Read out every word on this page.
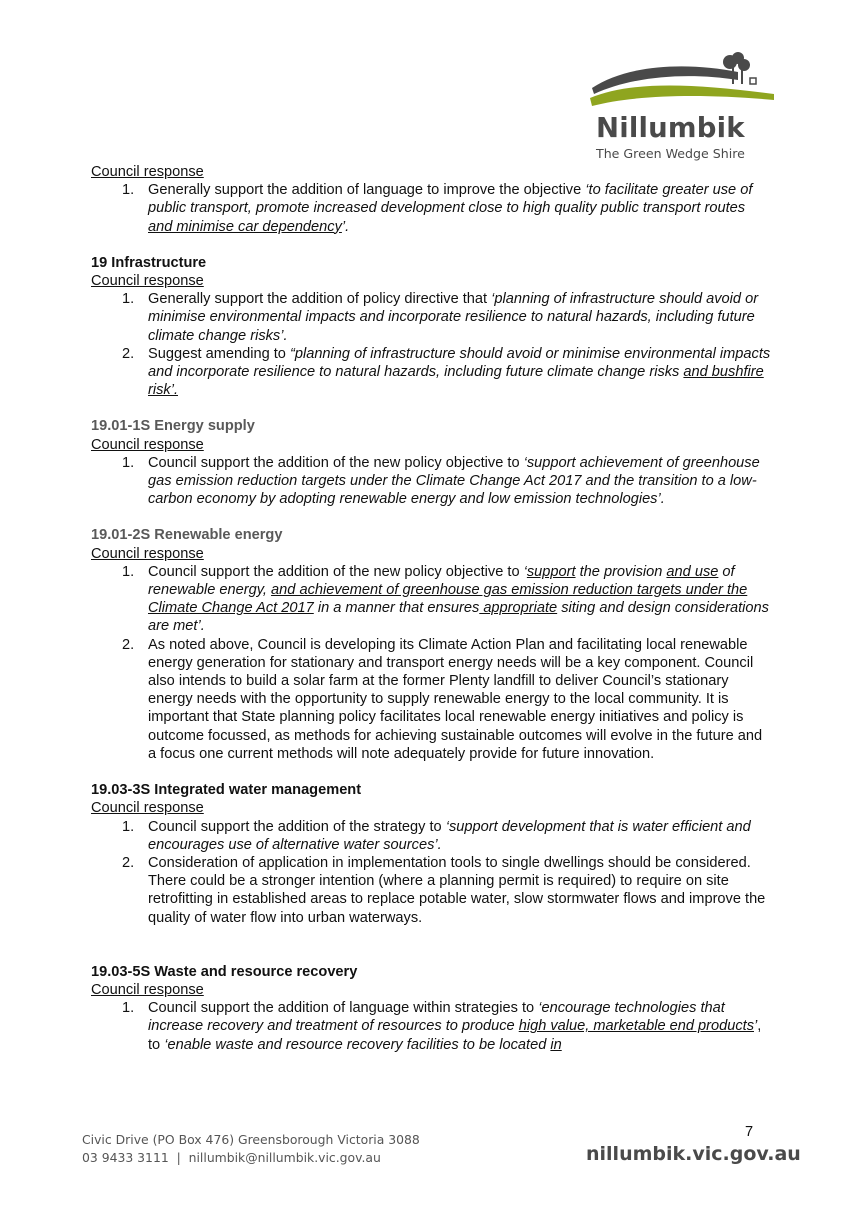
Nillumbik
The Green Wedge Shire
Council response
1. Generally support the addition of language to improve the objective ‘to facilitate greater use of public transport, promote increased development close to high quality public transport routes and minimise car dependency’.
19 Infrastructure
Council response
1. Generally support the addition of policy directive that ‘planning of infrastructure should avoid or minimise environmental impacts and incorporate resilience to natural hazards, including future climate change risks’.
2. Suggest amending to “planning of infrastructure should avoid or minimise environmental impacts and incorporate resilience to natural hazards, including future climate change risks and bushfire risk’.
19.01-1S Energy supply
Council response
1. Council support the addition of the new policy objective to ‘support achievement of greenhouse gas emission reduction targets under the Climate Change Act 2017 and the transition to a low-carbon economy by adopting renewable energy and low emission technologies’.
19.01-2S Renewable energy
Council response
1. Council support the addition of the new policy objective to ‘support the provision and use of renewable energy, and achievement of greenhouse gas emission reduction targets under the Climate Change Act 2017 in a manner that ensures appropriate siting and design considerations are met’.
2. As noted above, Council is developing its Climate Action Plan and facilitating local renewable energy generation for stationary and transport energy needs will be a key component. Council also intends to build a solar farm at the former Plenty landfill to deliver Council’s stationary energy needs with the opportunity to supply renewable energy to the local community. It is important that State planning policy facilitates local renewable energy initiatives and policy is outcome focussed, as methods for achieving sustainable outcomes will evolve in the future and a focus one current methods will note adequately provide for future innovation.
19.03-3S Integrated water management
Council response
1. Council support the addition of the strategy to ‘support development that is water efficient and encourages use of alternative water sources’.
2. Consideration of application in implementation tools to single dwellings should be considered. There could be a stronger intention (where a planning permit is required) to require on site retrofitting in established areas to replace potable water, slow stormwater flows and improve the quality of water flow into urban waterways.
19.03-5S Waste and resource recovery
Council response
1. Council support the addition of language within strategies to ‘encourage technologies that increase recovery and treatment of resources to produce high value, marketable end products’, to ‘enable waste and resource recovery facilities to be located in
7
Civic Drive (PO Box 476) Greensborough Victoria 3088
03 9433 3111  |  nillumbik@nillumbik.vic.gov.au	nillumbik.vic.gov.au
